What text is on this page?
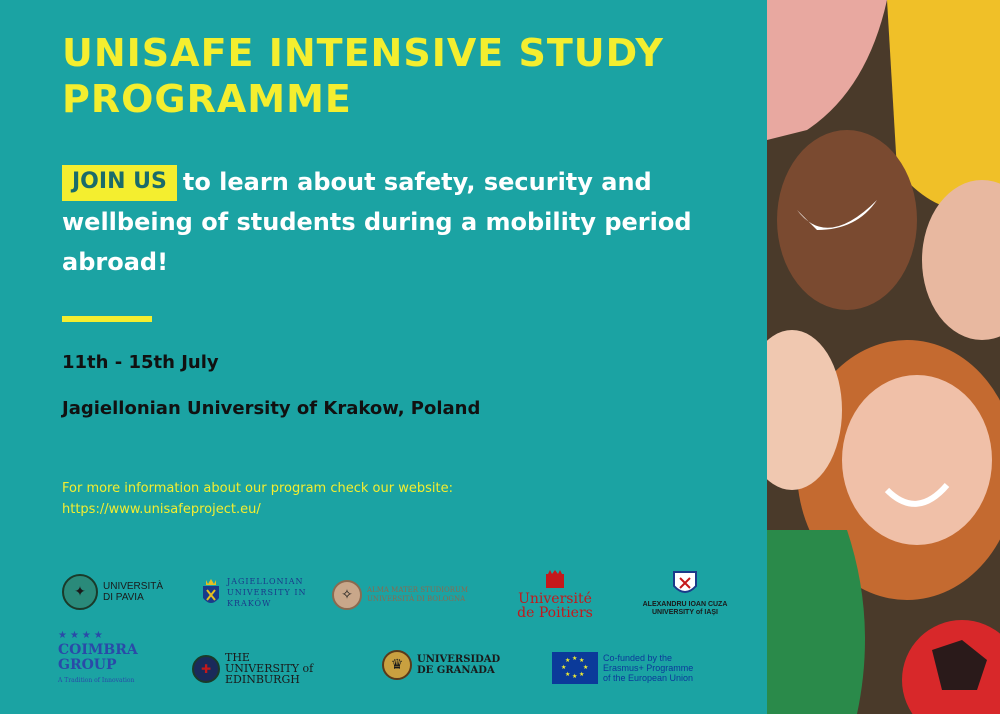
UNISAFE INTENSIVE STUDY PROGRAMME

JOIN US to learn about safety, security and wellbeing of students during a mobility period abroad!

11th - 15th July
Jagiellonian University of Krakow, Poland
For more information about our program check our website:
https://www.unisafeproject.eu/
✦	UNIVERSITÀ DI PAVIA
JAGIELLONIAN UNIVERSITY IN KRAKÓW
✧	ALMA MATER STUDIORUM UNIVERSITÀ DI BOLOGNA	Université de Poitiers
ALEXANDRU IOAN CUZA UNIVERSITY of IAȘI
★★★★
COIMBRA GROUP
A Tradition of Innovation
✚
THE UNIVERSITY of EDINBURGH
♛	UNIVERSIDAD DE GRANADA
★ ★
★
★
★
★
★
★	Co-funded by the Erasmus+ Programme of the European Union
